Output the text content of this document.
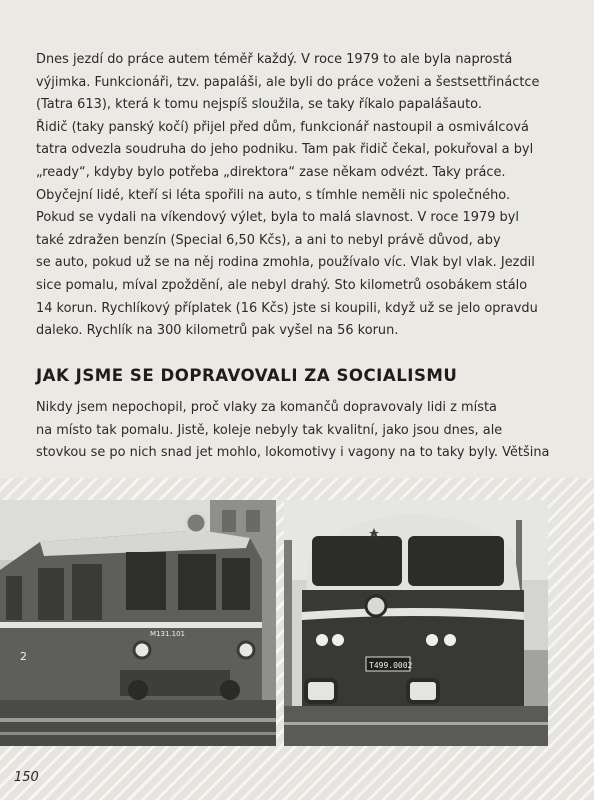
Dnes jezdí do práce autem téměř každý. V roce 1979 to ale byla naprostá
výjimka. Funkcionáři, tzv. papaláši, ale byli do práce voženi a šestsettřináctce
(Tatra 613), která k tomu nejspíš sloužila, se taky říkalo papalášauto.
Řidič (taky panský kočí) přijel před dům, funkcionář nastoupil a osmiválcová
tatra odvezla soudruha do jeho podniku. Tam pak řidič čekal, pokuřoval a byl
„ready“, kdyby bylo potřeba „direktora“ zase někam odvézt. Taky práce.
Obyčejní lidé, kteří si léta spořili na auto, s tímhle neměli nic společného.
Pokud se vydali na víkendový výlet, byla to malá slavnost. V roce 1979 byl
také zdražen benzín (Special 6,50 Kčs), a ani to nebyl právě důvod, aby
se auto, pokud už se na něj rodina zmohla, používalo víc. Vlak byl vlak. Jezdil
sice pomalu, míval zpoždění, ale nebyl drahý. Sto kilometrů osobákem stálo
14 korun. Rychlíkový příplatek (16 Kčs) jste si koupili, když už se jelo opravdu
daleko. Rychlík na 300 kilometrů pak vyšel na 56 korun.

JAK JSME SE DOPRAVOVALI ZA SOCIALISMU

Nikdy jsem nepochopil, proč vlaky za komančů dopravovaly lidi z místa
na místo tak pomalu. Jistě, koleje nebyly tak kvalitní, jako jsou dnes, ale
stovkou se po nich snad jet mohlo, lokomotivy i vagony na to taky byly. Většina

M131.101
2
T499.0002
150
